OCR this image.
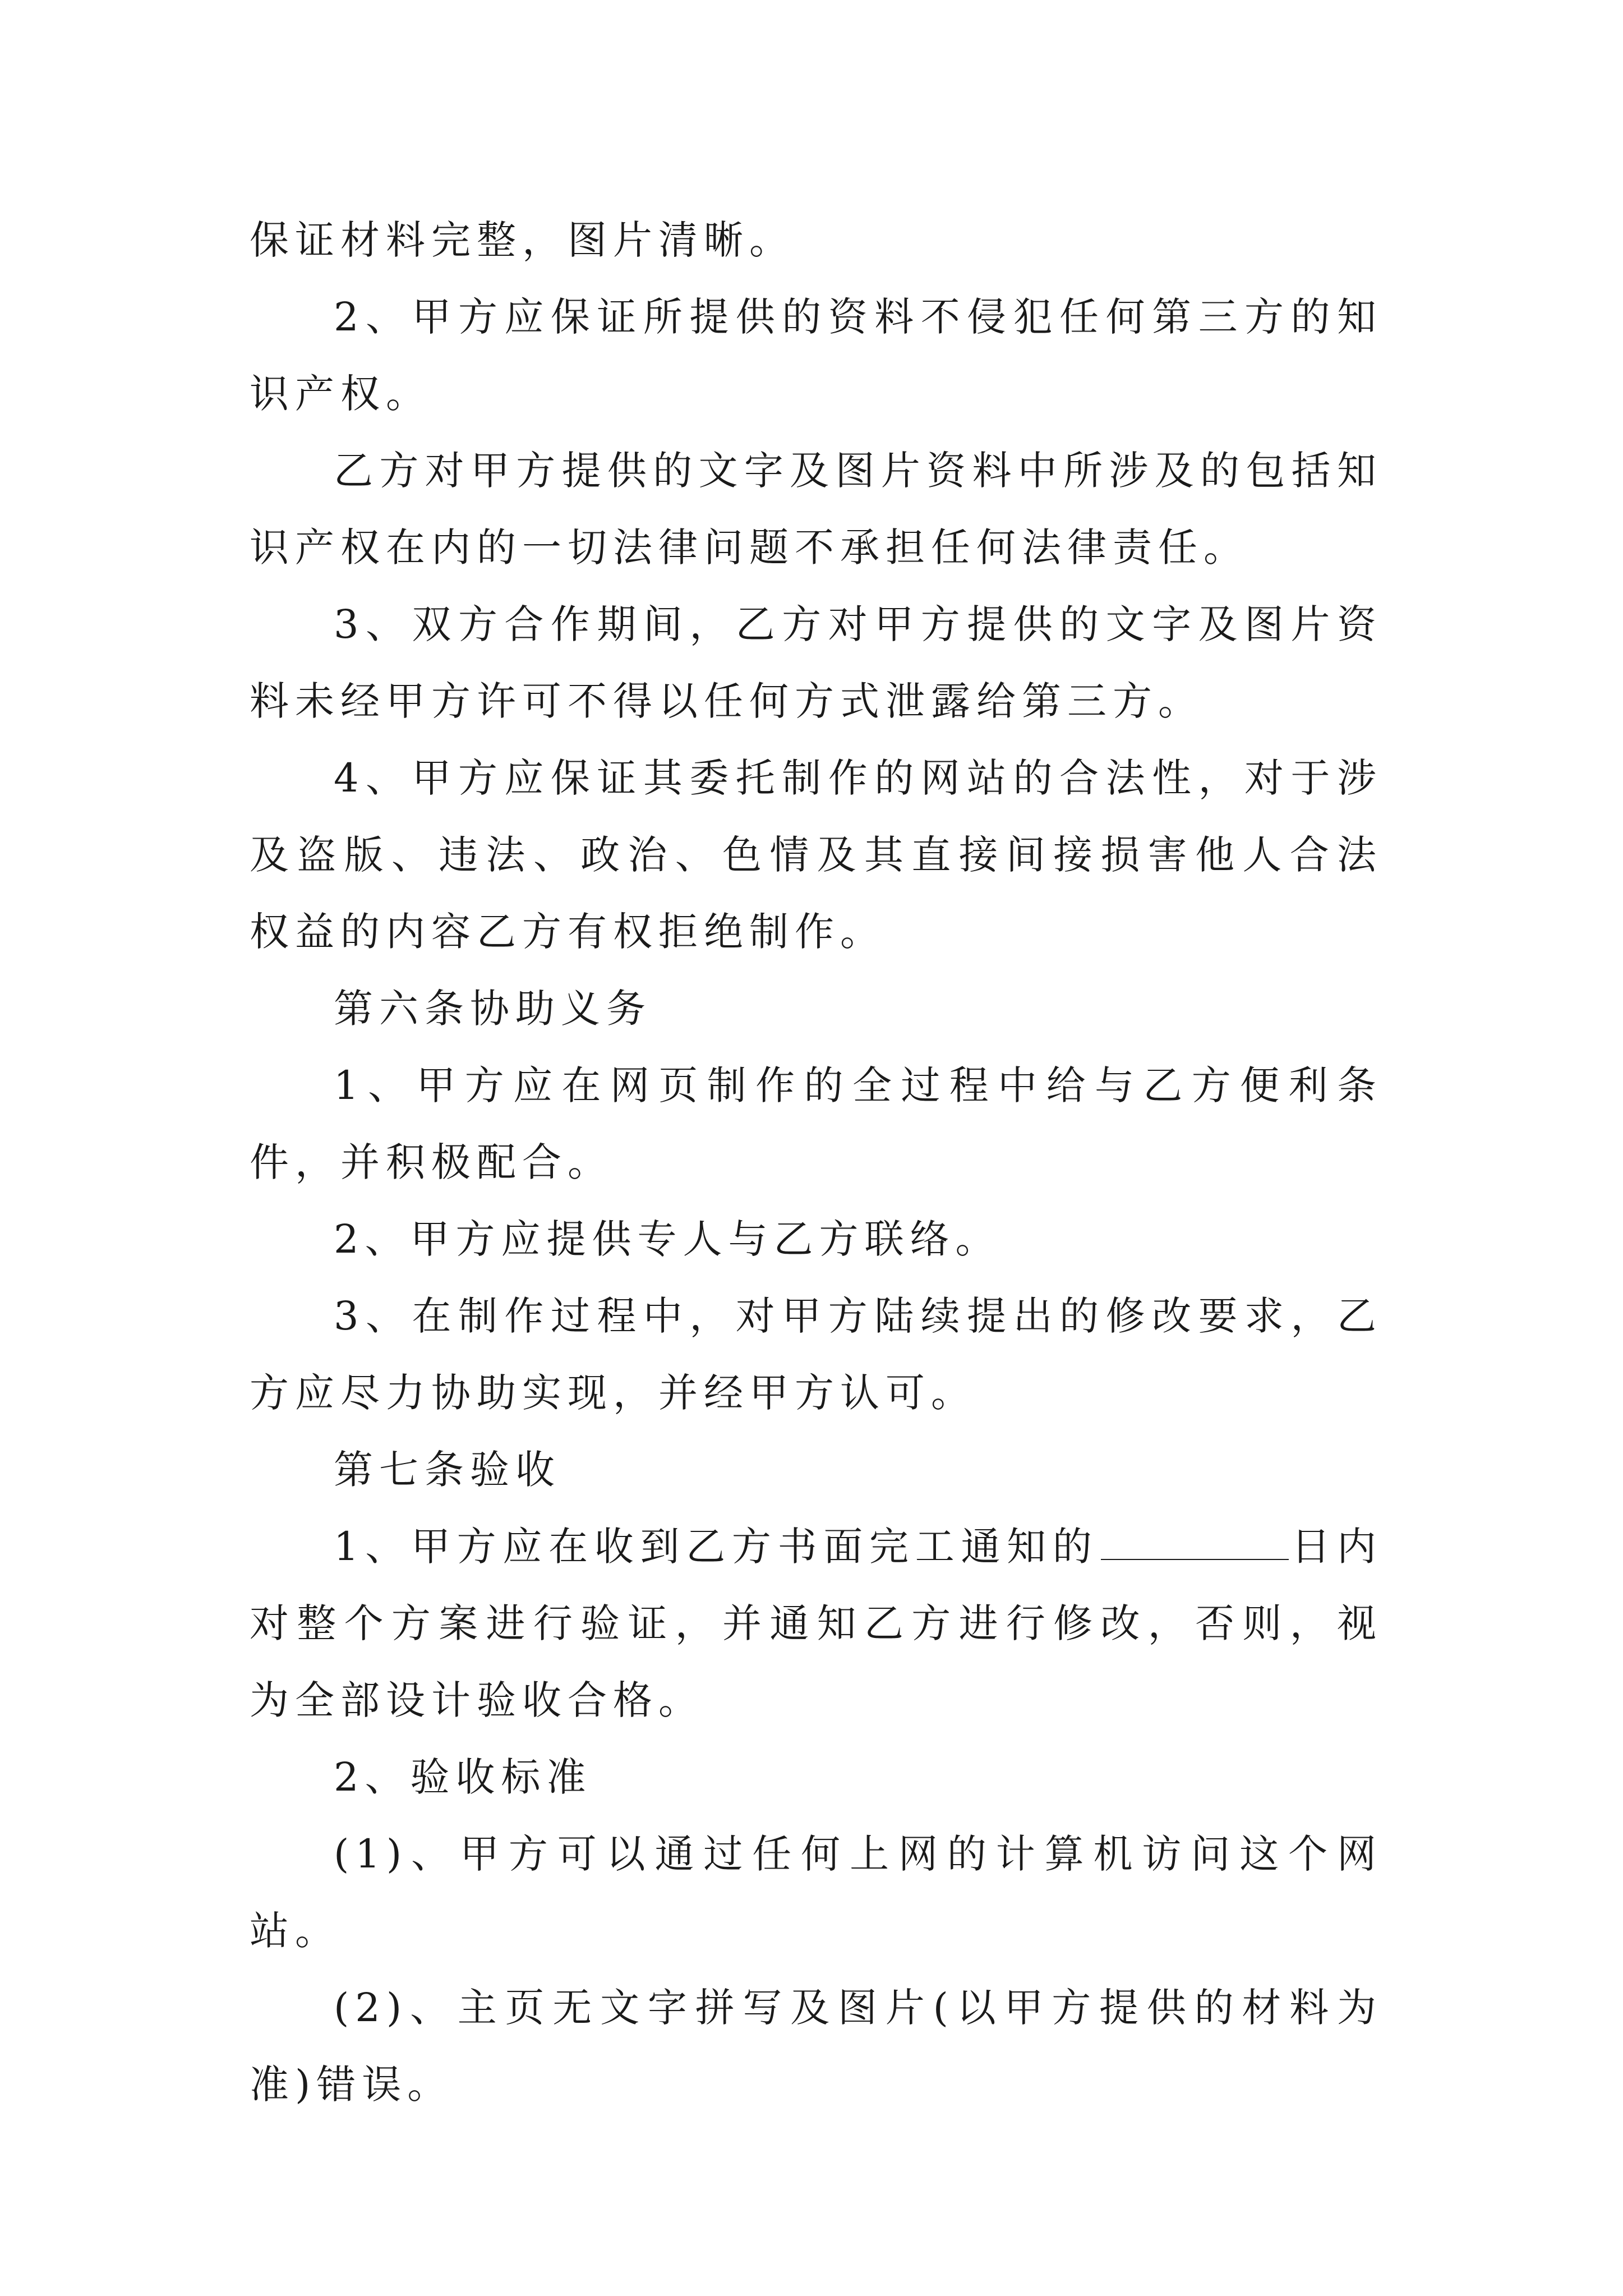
保证材料完整，图片清晰。

2、甲方应保证所提供的资料不侵犯任何第三方的知识产权。

乙方对甲方提供的文字及图片资料中所涉及的包括知识产权在内的一切法律问题不承担任何法律责任。

3、双方合作期间，乙方对甲方提供的文字及图片资料未经甲方许可不得以任何方式泄露给第三方。

4、甲方应保证其委托制作的网站的合法性，对于涉及盗版、违法、政治、色情及其直接间接损害他人合法权益的内容乙方有权拒绝制作。

第六条协助义务

1、甲方应在网页制作的全过程中给与乙方便利条件，并积极配合。

2、甲方应提供专人与乙方联络。

3、在制作过程中，对甲方陆续提出的修改要求，乙方应尽力协助实现，并经甲方认可。

第七条验收

1、甲方应在收到乙方书面完工通知的	日内对整个方案进行验证，并通知乙方进行修改，否则，视为全部设计验收合格。

2、验收标准

(1)、甲方可以通过任何上网的计算机访问这个网站。

(2)、主页无文字拼写及图片(以甲方提供的材料为准)错误。
